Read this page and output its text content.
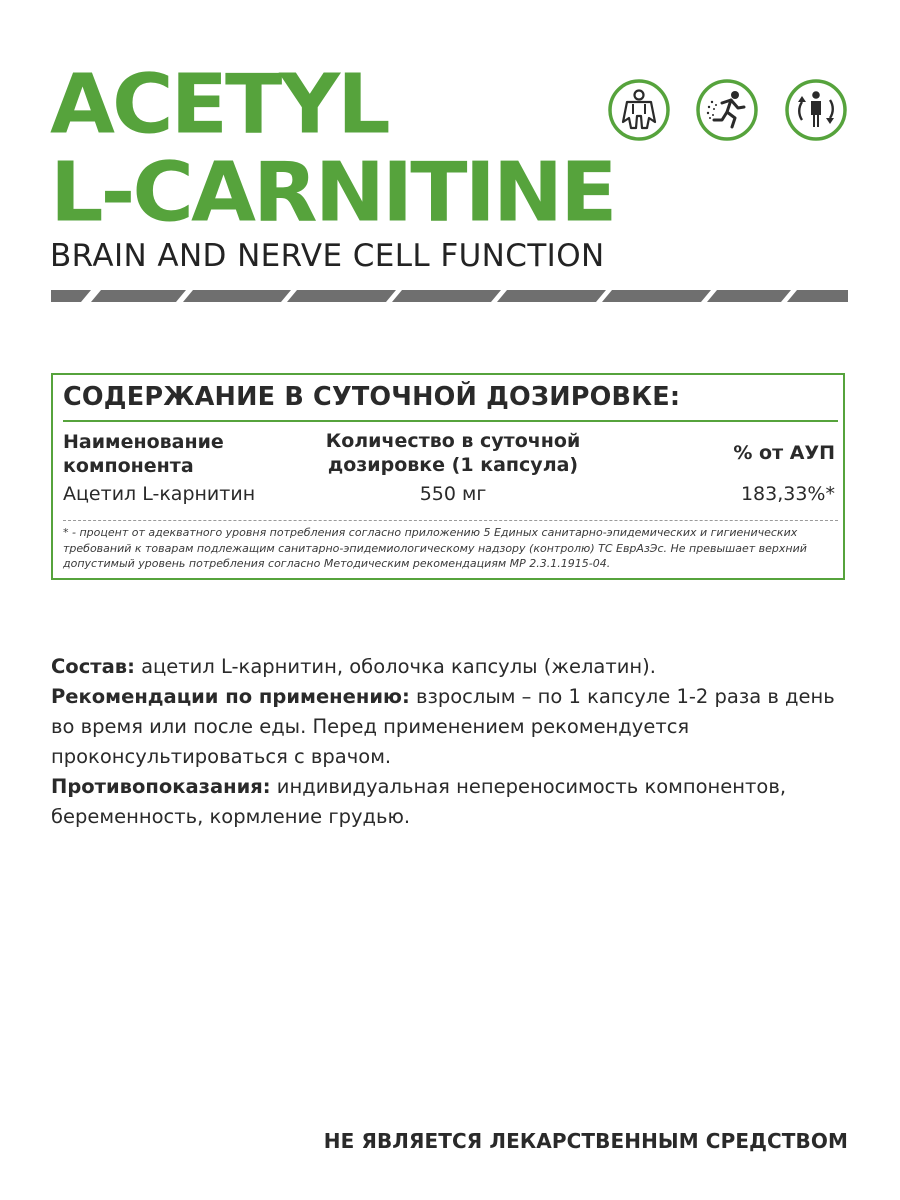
ACETYL
L-CARNITINE
BRAIN AND NERVE CELL FUNCTION
СОДЕРЖАНИЕ В СУТОЧНОЙ ДОЗИРОВКЕ:
Наименование
компонента
Количество в суточной
дозировке (1 капсула)
% от АУП
Ацетил L-карнитин	550 мг	183,33%*
* - процент от адекватного уровня потребления согласно приложению 5 Единых санитарно-эпидемических и гигиенических требований к товарам подлежащим санитарно-эпидемиологическому надзору (контролю) ТС ЕврАзЭс. Не превышает верхний допустимый уровень потребления согласно Методическим рекомендациям МР 2.3.1.1915-04.

Состав: ацетил L-карнитин, оболочка капсулы (желатин).

Рекомендации по применению: взрослым – по 1 капсуле 1-2 раза в день во время или после еды. Перед применением рекомендуется проконсультироваться с врачом.

Противопоказания: индивидуальная непереносимость компонентов, беременность, кормление грудью.

НЕ ЯВЛЯЕТСЯ ЛЕКАРСТВЕННЫМ СРЕДСТВОМ
